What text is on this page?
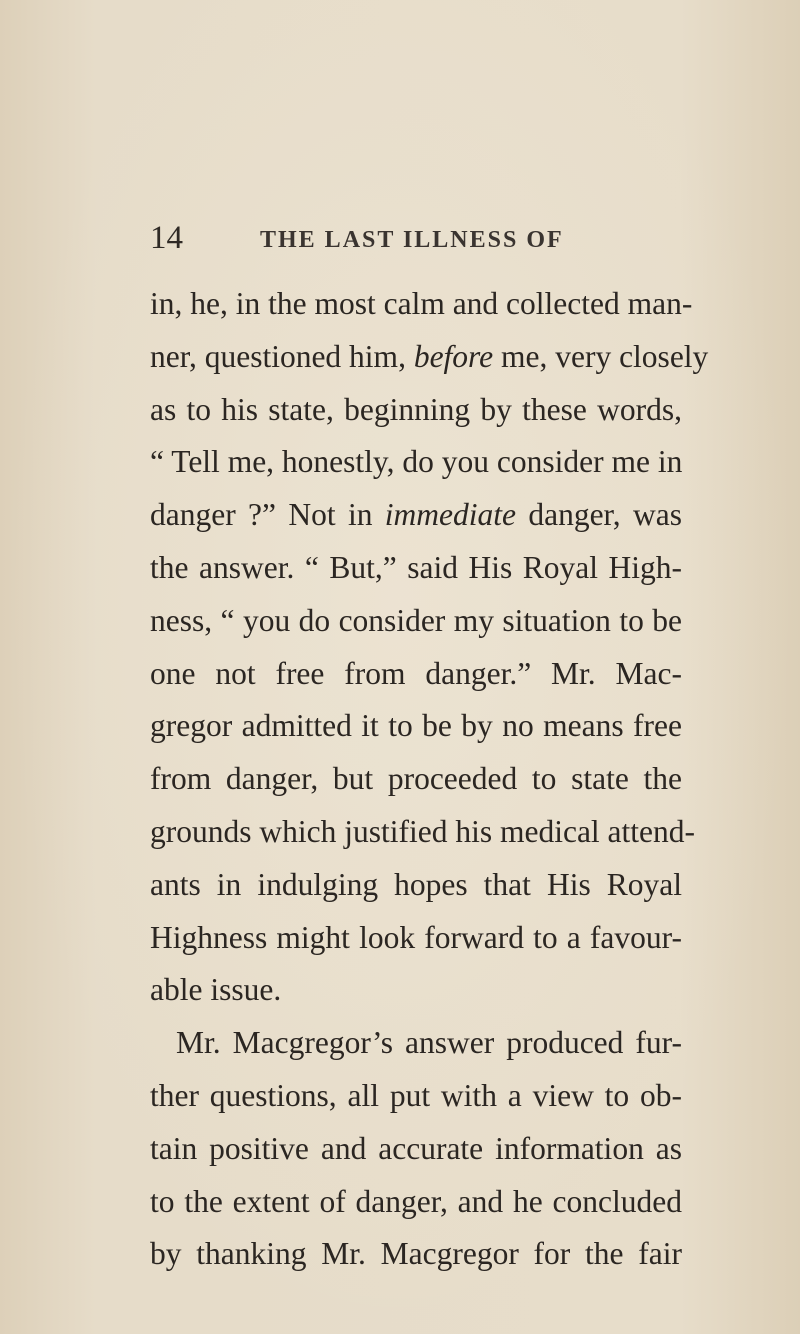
14	THE LAST ILLNESS OF
in, he, in the most calm and collected man-
ner, questioned him, before me, very closely
as to his state, beginning by these words,
“ Tell me, honestly, do you consider me in
danger ?” Not in immediate danger, was
the answer. “ But,” said His Royal High-
ness, “ you do consider my situation to be
one not free from danger.” Mr. Mac-
gregor admitted it to be by no means free
from danger, but proceeded to state the
grounds which justified his medical attend-
ants in indulging hopes that His Royal
Highness might look forward to a favour-
able issue.
Mr. Macgregor’s answer produced fur-
ther questions, all put with a view to ob-
tain positive and accurate information as
to the extent of danger, and he concluded
by thanking Mr. Macgregor for the fair
